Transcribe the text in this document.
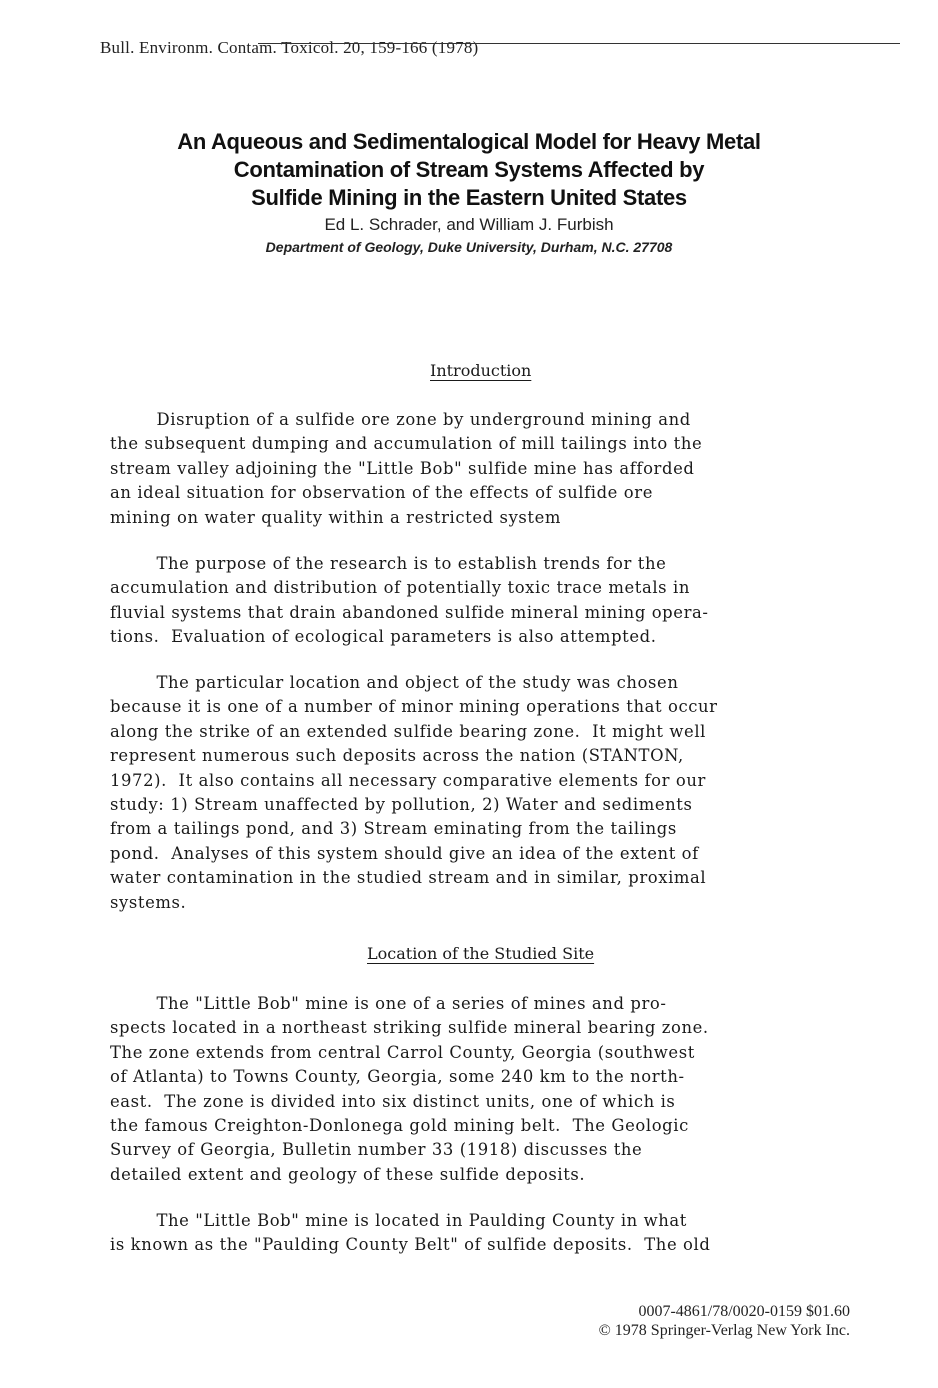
Bull. Environm. Contam. Toxicol. 20, 159-166 (1978)
An Aqueous and Sedimentalogical Model for Heavy Metal
Contamination of Stream Systems Affected by
Sulfide Mining in the Eastern United States
Ed L. Schrader, and William J. Furbish
Department of Geology, Duke University, Durham, N.C. 27708
Introduction

Disruption of a sulfide ore zone by underground mining and
the subsequent dumping and accumulation of mill tailings into the
stream valley adjoining the "Little Bob" sulfide mine has afforded
an ideal situation for observation of the effects of sulfide ore
mining on water quality within a restricted system

The purpose of the research is to establish trends for the
accumulation and distribution of potentially toxic trace metals in
fluvial systems that drain abandoned sulfide mineral mining opera-
tions.  Evaluation of ecological parameters is also attempted.

The particular location and object of the study was chosen
because it is one of a number of minor mining operations that occur
along the strike of an extended sulfide bearing zone.  It might well
represent numerous such deposits across the nation (STANTON,
1972).  It also contains all necessary comparative elements for our
study: 1) Stream unaffected by pollution, 2) Water and sediments
from a tailings pond, and 3) Stream eminating from the tailings
pond.  Analyses of this system should give an idea of the extent of
water contamination in the studied stream and in similar, proximal
systems.

Location of the Studied Site

The "Little Bob" mine is one of a series of mines and pro-
spects located in a northeast striking sulfide mineral bearing zone.
The zone extends from central Carrol County, Georgia (southwest
of Atlanta) to Towns County, Georgia, some 240 km to the north-
east.  The zone is divided into six distinct units, one of which is
the famous Creighton-Donlonega gold mining belt.  The Geologic
Survey of Georgia, Bulletin number 33 (1918) discusses the
detailed extent and geology of these sulfide deposits.

The "Little Bob" mine is located in Paulding County in what
is known as the "Paulding County Belt" of sulfide deposits.  The old

0007-4861/78/0020-0159 $01.60
© 1978 Springer-Verlag New York Inc.
